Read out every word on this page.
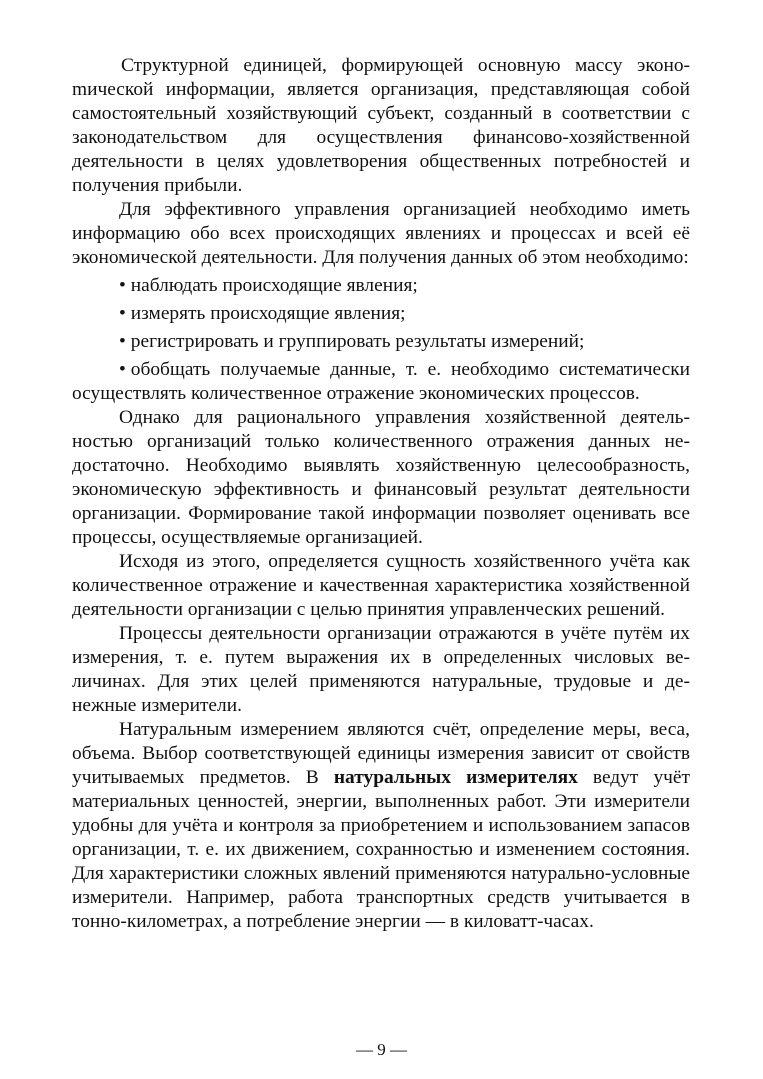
Структурной единицей, формирующей основную массу эконоmической информации, является организация, представляющая собой самостоятельный хозяйствующий субъект, созданный в соответствии с законодательством для осуществления финансово-хозяйственной деятельности в целях удовлетворения общественных потребностей и получения прибыли.

Для эффективного управления организацией необходимо иметь информацию обо всех происходящих явлениях и процессах и всей её экономической деятельности. Для получения данных об этом необходимо:

• наблюдать происходящие явления;
• измерять происходящие явления;
• регистрировать и группировать результаты измерений;
• обобщать получаемые данные, т. е. необходимо систематически осуществлять количественное отражение экономических процессов.

Однако для рационального управления хозяйственной деятельностью организаций только количественного отражения данных недостаточно. Необходимо выявлять хозяйственную целесообразность, экономическую эффективность и финансовый результат деятельности организации. Формирование такой информации позволяет оценивать все процессы, осуществляемые организацией.

Исходя из этого, определяется сущность хозяйственного учёта как количественное отражение и качественная характеристика хозяйственной деятельности организации с целью принятия управленческих решений.

Процессы деятельности организации отражаются в учёте путём их измерения, т. е. путем выражения их в определенных числовых величинах. Для этих целей применяются натуральные, трудовые и денежные измерители.

Натуральным измерением являются счёт, определение меры, веса, объема. Выбор соответствующей единицы измерения зависит от свойств учитываемых предметов. В натуральных измерителях ведут учёт материальных ценностей, энергии, выполненных работ. Эти измерители удобны для учёта и контроля за приобретением и использованием запасов организации, т. е. их движением, сохранностью и изменением состояния. Для характеристики сложных явлений применяются натурально-условные измерители. Например, работа транспортных средств учитывается в тонно-километрах, а потребление энергии — в киловатт-часах.

— 9 —
